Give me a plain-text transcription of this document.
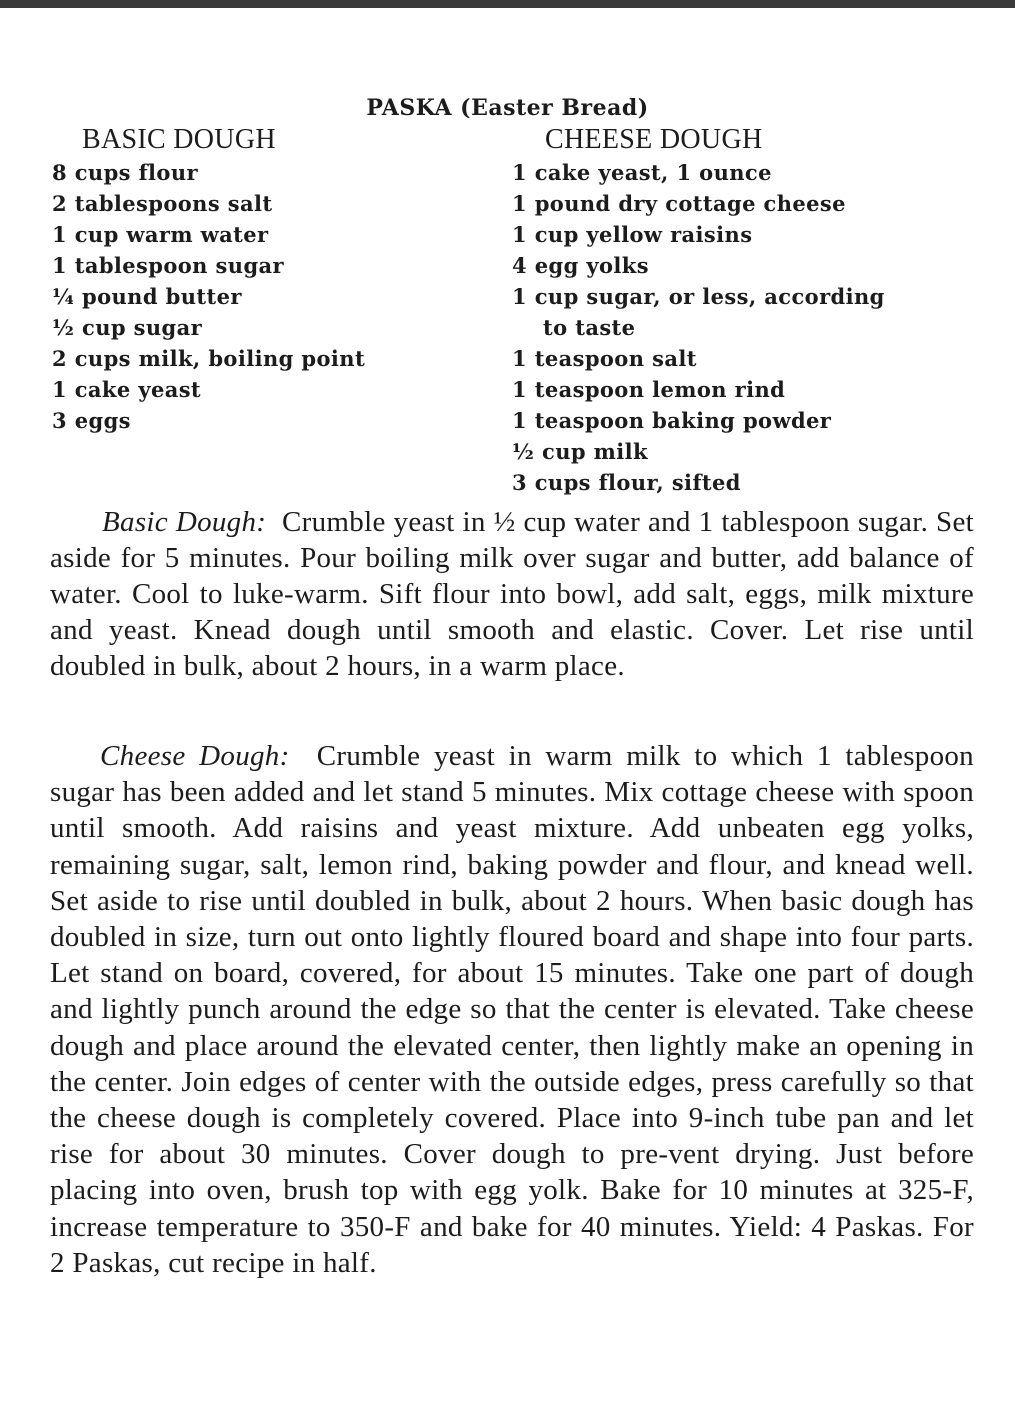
PASKA (Easter Bread)
BASIC DOUGH
8 cups flour
2 tablespoons salt
1 cup warm water
1 tablespoon sugar
¼ pound butter
½ cup sugar
2 cups milk, boiling point
1 cake yeast
3 eggs
CHEESE DOUGH
1 cake yeast, 1 ounce
1 pound dry cottage cheese
1 cup yellow raisins
4 egg yolks
1 cup sugar, or less, according
to taste
1 teaspoon salt
1 teaspoon lemon rind
1 teaspoon baking powder
½ cup milk
3 cups flour, sifted

Basic Dough: Crumble yeast in ½ cup water and 1 tablespoon sugar. Set aside for 5 minutes. Pour boiling milk over sugar and butter, add balance of water. Cool to luke-warm. Sift flour into bowl, add salt, eggs, milk mixture and yeast. Knead dough until smooth and elastic. Cover. Let rise until doubled in bulk, about 2 hours, in a warm place.

Cheese Dough: Crumble yeast in warm milk to which 1 tablespoon sugar has been added and let stand 5 minutes. Mix cottage cheese with spoon until smooth. Add raisins and yeast mixture. Add unbeaten egg yolks, remaining sugar, salt, lemon rind, baking powder and flour, and knead well. Set aside to rise until doubled in bulk, about 2 hours. When basic dough has doubled in size, turn out onto lightly floured board and shape into four parts. Let stand on board, covered, for about 15 minutes. Take one part of dough and lightly punch around the edge so that the center is elevated. Take cheese dough and place around the elevated center, then lightly make an opening in the center. Join edges of center with the outside edges, press carefully so that the cheese dough is completely covered. Place into 9-inch tube pan and let rise for about 30 minutes. Cover dough to pre-vent drying. Just before placing into oven, brush top with egg yolk. Bake for 10 minutes at 325-F, increase temperature to 350-F and bake for 40 minutes. Yield: 4 Paskas. For 2 Paskas, cut recipe in half.
